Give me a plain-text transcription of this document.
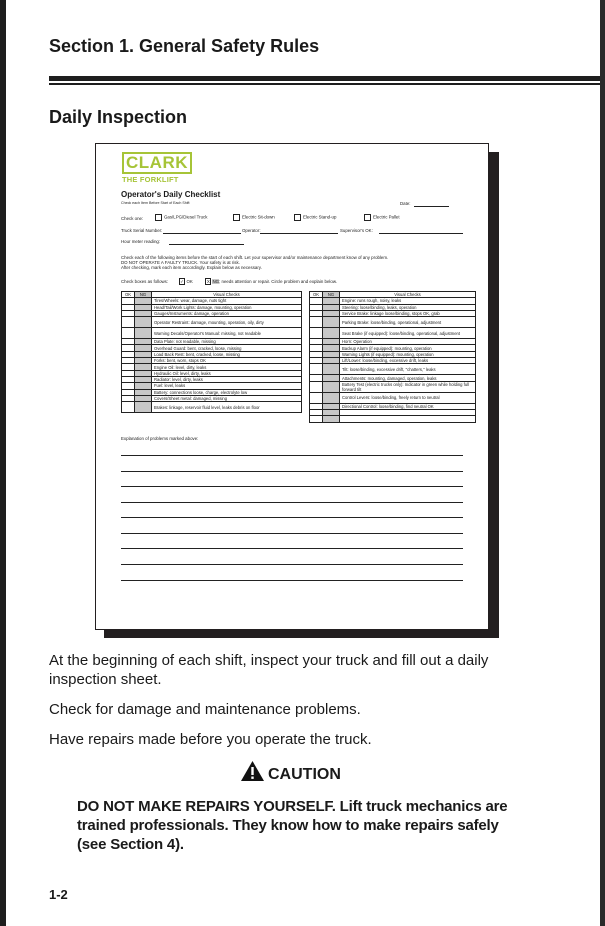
Section 1. General Safety Rules
Daily Inspection
CLARK
THE FORKLIFT
Operator's Daily Checklist
Check each Item Before Start of Each Shift	Date:
Check one:	Gas/LPG/Diesel Truck	Electric Sit-down	Electric Stand-up	Electric Pallet
Truck Serial Number:	Operator:	Supervisor's OK:
Hour meter reading:
Check each of the following items before the start of each shift. Let your supervisor and/or maintenance department know of any problem.
DO NOT OPERATE A FAULTY TRUCK. Your safety is at risk.
After checking, mark each item accordingly. Explain below as necessary.
Check boxes as follows:	✓ OK	X NG; needs attention or repair. Circle problem and explain below.
OK	NG	Visual Checks
		Tires/Wheels: wear, damage, nuts tight
		Head/Tail/Work Lights: damage, mounting, operation
		Gauges/Instruments: damage, operation
		Operator Restraint: damage, mounting, operation, oily, dirty
		Warning Decals/Operator's Manual: missing, not readable
		Data Plate: not readable, missing
		Overhead Guard: bent, cracked, loose, missing
		Load Back Rest: bent, cracked, loose, missing
		Forks: bent, worn, stops OK
		Engine Oil: level, dirty, leaks
		Hydraulic Oil: level, dirty, leaks
		Radiator: level, dirty, leaks
		Fuel: level, leaks
		Battery: connections loose, charge, electrolyte low
		Covers/Sheet metal: damaged, missing
		Brakes: linkage, reservoir fluid level, leaks debris on floor
OK	NG	Visual Checks
		Engine: runs rough, noisy, leaks
		Steering: loose/binding, leaks, operation
		Service Brake: linkage loose/binding, stops OK, grab
		Parking Brake: loose/binding, operational, adjustment
		Seat Brake (if equipped): loose/binding, operational, adjustment
		Horn: Operation
		Backup Alarm (if equipped): mounting, operation
		Warning Lights (if equipped): mounting, operation
		Lift/Lower: loose/binding, excessive drift, leaks
		Tilt: loose/binding, excessive drift, "chatters," leaks
		Attachments: mounting, damaged, operation, leaks
		Battery Test (electric trucks only): Indicator in green while holding full forward tilt
		Control Levers: loose/binding, freely return to neutral
		Directional Control: loose/binding, find neutral OK

Explanation of problems marked above:
At the beginning of each shift, inspect your truck and fill out a daily inspection sheet.
Check for damage and maintenance problems.
Have repairs made before you operate the truck.
CAUTION
DO NOT MAKE REPAIRS YOURSELF. Lift truck mechanics are trained professionals. They know how to make repairs safely (see Section 4).
1-2
